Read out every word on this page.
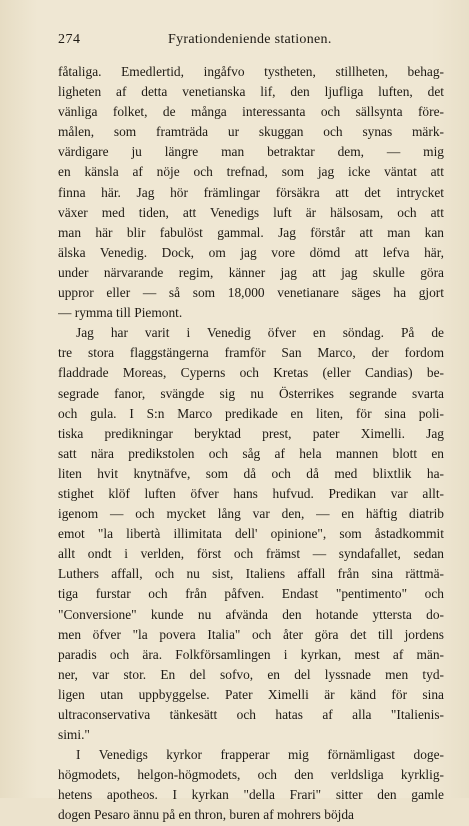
274	Fyrationdeniende stationen.
fåtaliga. Emedlertid, ingåfvo tystheten, stillheten, behag-
ligheten af detta venetianska lif, den ljufliga luften, det
vänliga folket, de många interessanta och sällsynta före-
målen, som framträda ur skuggan och synas märk-
värdigare ju längre man betraktar dem, — mig
en känsla af nöje och trefnad, som jag icke väntat att
finna här. Jag hör främlingar försäkra att det intrycket
växer med tiden, att Venedigs luft är hälsosam, och att
man här blir fabulöst gammal. Jag förstår att man kan
älska Venedig. Dock, om jag vore dömd att lefva här,
under närvarande regim, känner jag att jag skulle göra
uppror eller — så som 18,000 venetianare säges ha gjort
— rymma till Piemont.
Jag har varit i Venedig öfver en söndag. På de
tre stora flaggstängerna framför San Marco, der fordom
fladdrade Moreas, Cyperns och Kretas (eller Candias) be-
segrade fanor, svängde sig nu Österrikes segrande svarta
och gula. I S:n Marco predikade en liten, för sina poli-
tiska predikningar beryktad prest, pater Ximelli. Jag
satt nära predikstolen och såg af hela mannen blott en
liten hvit knytnäfve, som då och då med blixtlik ha-
stighet klöf luften öfver hans hufvud. Predikan var allt-
igenom — och mycket lång var den, — en häftig diatrib
emot "la libertà illimitata dell' opinione", som åstadkommit
allt ondt i verlden, först och främst — syndafallet, sedan
Luthers affall, och nu sist, Italiens affall från sina rättmä-
tiga furstar och från påfven. Endast "pentimento" och
"Conversione" kunde nu afvända den hotande yttersta do-
men öfver "la povera Italia" och åter göra det till jordens
paradis och ära. Folkförsamlingen i kyrkan, mest af män-
ner, var stor. En del sofvo, en del lyssnade men tyd-
ligen utan uppbyggelse. Pater Ximelli är känd för sina
ultraconservativa tänkesätt och hatas af alla "Italienis-
simi."
I Venedigs kyrkor frapperar mig förnämligast doge-
högmodets, helgon-högmodets, och den verldsliga kyrklig-
hetens apotheos. I kyrkan "della Frari" sitter den gamle
dogen Pesaro ännu på en thron, buren af mohrers böjda
